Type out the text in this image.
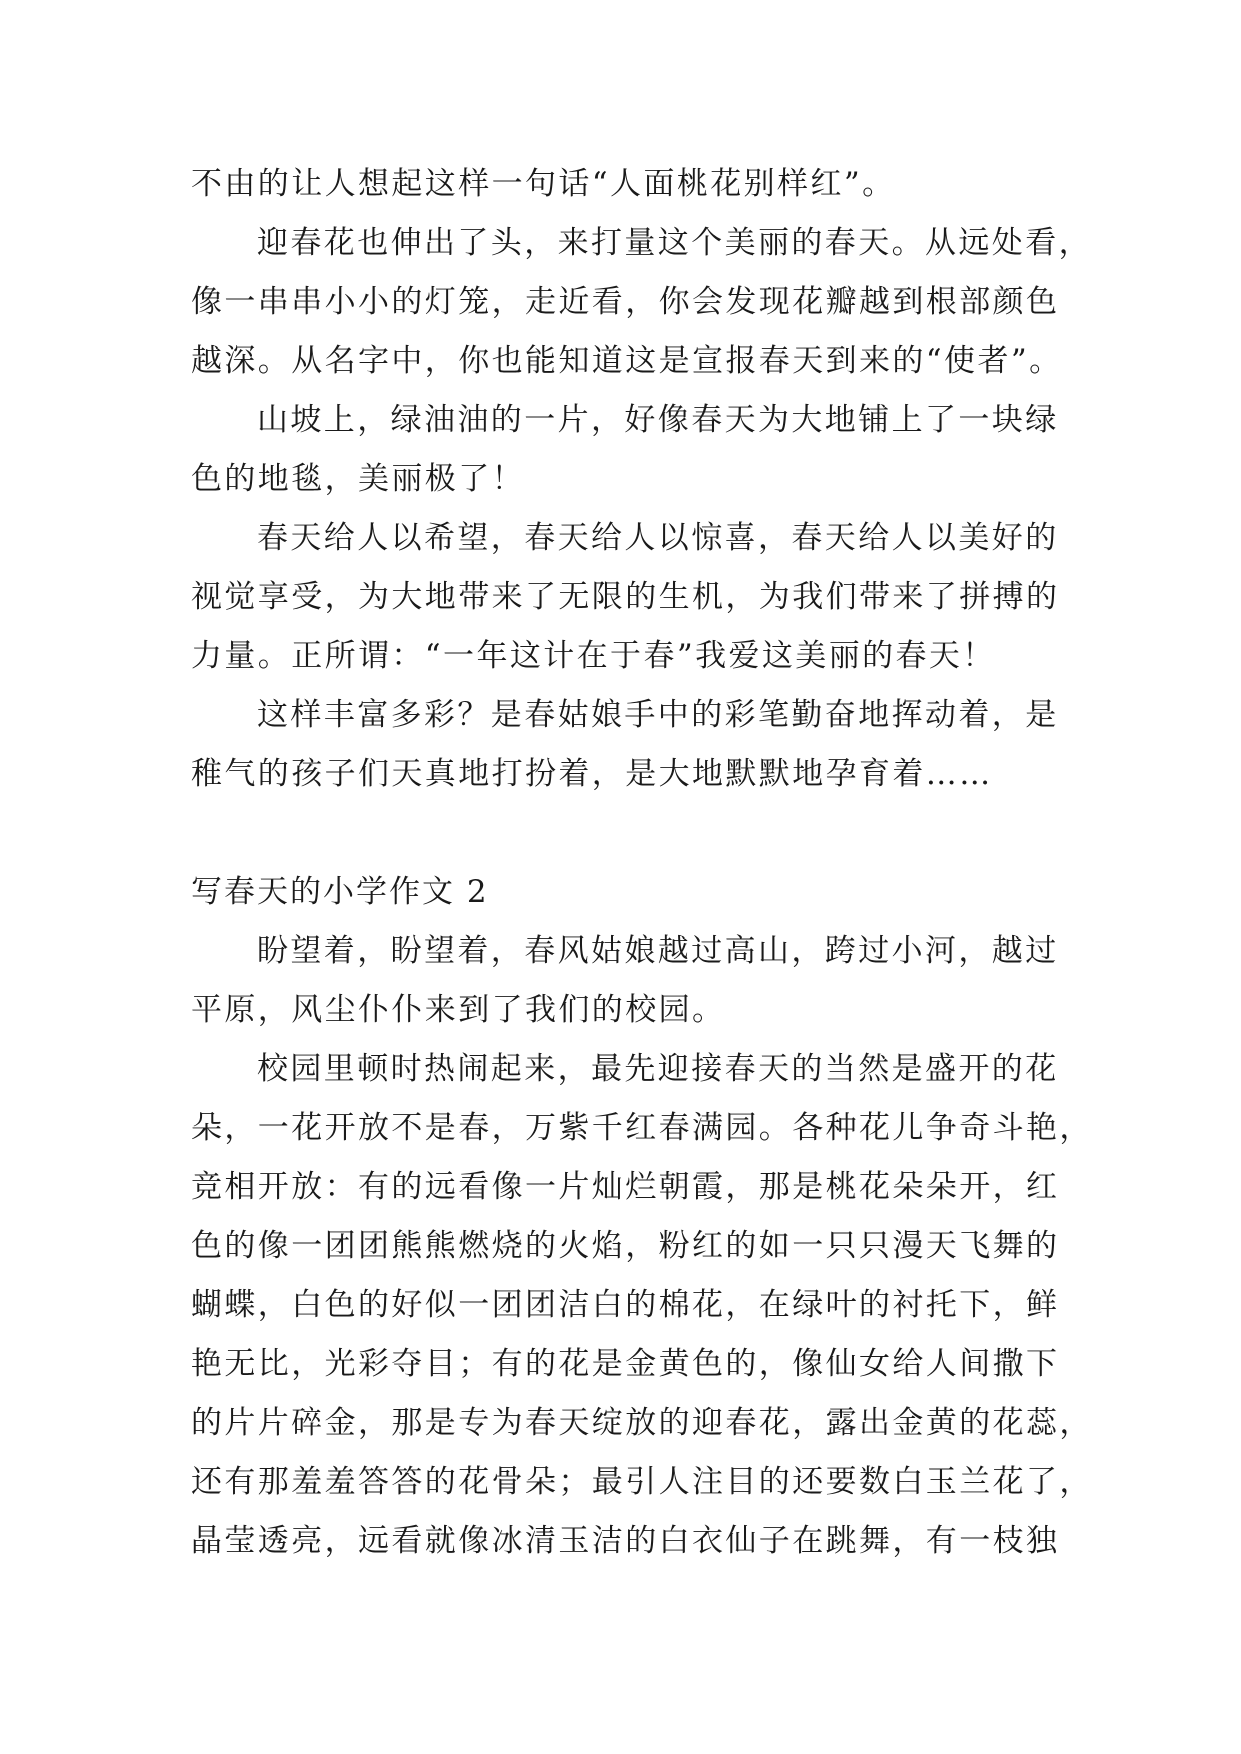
不由的让人想起这样一句话“人面桃花别样红”。
迎春花也伸出了头，来打量这个美丽的春天。从远处看，
像一串串小小的灯笼，走近看，你会发现花瓣越到根部颜色
越深。从名字中，你也能知道这是宣报春天到来的“使者”。
山坡上，绿油油的一片，好像春天为大地铺上了一块绿
色的地毯，美丽极了！
春天给人以希望，春天给人以惊喜，春天给人以美好的
视觉享受，为大地带来了无限的生机，为我们带来了拼搏的
力量。正所谓：“一年这计在于春”我爱这美丽的春天！
这样丰富多彩？是春姑娘手中的彩笔勤奋地挥动着，是
稚气的孩子们天真地打扮着，是大地默默地孕育着……
写春天的小学作文 2
盼望着，盼望着，春风姑娘越过高山，跨过小河，越过
平原，风尘仆仆来到了我们的校园。
校园里顿时热闹起来，最先迎接春天的当然是盛开的花
朵，一花开放不是春，万紫千红春满园。各种花儿争奇斗艳，
竞相开放：有的远看像一片灿烂朝霞，那是桃花朵朵开，红
色的像一团团熊熊燃烧的火焰，粉红的如一只只漫天飞舞的
蝴蝶，白色的好似一团团洁白的棉花，在绿叶的衬托下，鲜
艳无比，光彩夺目；有的花是金黄色的，像仙女给人间撒下
的片片碎金，那是专为春天绽放的迎春花，露出金黄的花蕊，
还有那羞羞答答的花骨朵；最引人注目的还要数白玉兰花了，
晶莹透亮，远看就像冰清玉洁的白衣仙子在跳舞，有一枝独
